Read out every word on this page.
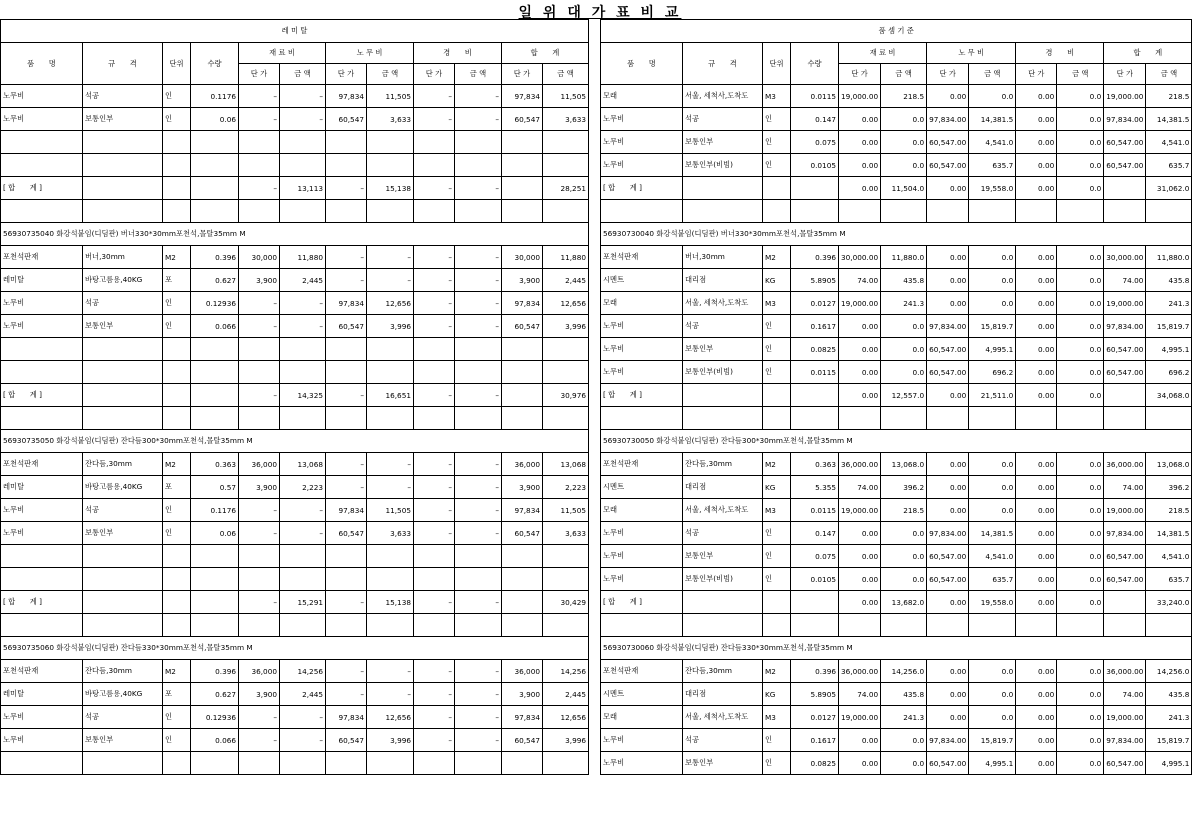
일 위 대 가 표 비 교
레 미 탈											
품　　명	규　　격	단위	수량	재 료 비		노 무 비		경　　비		합　　계	
				단 가	금 액	단 가	금 액	단 가	금 액	단 가	금 액
노무비	석공	인	0.1176	–	–	97,834	11,505	–	–	97,834	11,505
노무비	보통인부	인	0.06	–	–	60,547	3,633	–	–	60,547	3,633

[ 합　　계 ]				–	13,113	–	15,138	–	–		28,251

56930735040 화강석붙임(디딤판) 버너330*30mm포천석,몰탈35mm M											
포천석판재	버너,30mm	M2	0.396	30,000	11,880	–	–	–	–	30,000	11,880
레미탈	바탕고름용,40KG	포	0.627	3,900	2,445	–	–	–	–	3,900	2,445
노무비	석공	인	0.12936	–	–	97,834	12,656	–	–	97,834	12,656
노무비	보통인부	인	0.066	–	–	60,547	3,996	–	–	60,547	3,996

[ 합　　계 ]				–	14,325	–	16,651	–	–		30,976

56930735050 화강석붙임(디딤판) 잔다듬300*30mm포천석,몰탈35mm M											
포천석판재	잔다듬,30mm	M2	0.363	36,000	13,068	–	–	–	–	36,000	13,068
레미탈	바탕고름용,40KG	포	0.57	3,900	2,223	–	–	–	–	3,900	2,223
노무비	석공	인	0.1176	–	–	97,834	11,505	–	–	97,834	11,505
노무비	보통인부	인	0.06	–	–	60,547	3,633	–	–	60,547	3,633

[ 합　　계 ]				–	15,291	–	15,138	–	–		30,429

56930735060 화강석붙임(디딤판) 잔다듬330*30mm포천석,몰탈35mm M											
포천석판재	잔다듬,30mm	M2	0.396	36,000	14,256	–	–	–	–	36,000	14,256
레미탈	바탕고름용,40KG	포	0.627	3,900	2,445	–	–	–	–	3,900	2,445
노무비	석공	인	0.12936	–	–	97,834	12,656	–	–	97,834	12,656
노무비	보통인부	인	0.066	–	–	60,547	3,996	–	–	60,547	3,996

품 셈 기 준											
품　　명	규　　격	단위	수량	재 료 비		노 무 비		경　　비		합　　계	
				단 가	금 액	단 가	금 액	단 가	금 액	단 가	금 액
모래	서울, 세척사,도착도	M3	0.0115	19,000.00	218.5	0.00	0.0	0.00	0.0	19,000.00	218.5
노무비	석공	인	0.147	0.00	0.0	97,834.00	14,381.5	0.00	0.0	97,834.00	14,381.5
노무비	보통인부	인	0.075	0.00	0.0	60,547.00	4,541.0	0.00	0.0	60,547.00	4,541.0
노무비	보통인부(비빔)	인	0.0105	0.00	0.0	60,547.00	635.7	0.00	0.0	60,547.00	635.7
[ 합　　계 ]				0.00	11,504.0	0.00	19,558.0	0.00	0.0		31,062.0

56930730040 화강석붙임(디딤판) 버너330*30mm포천석,몰탈35mm M											
포천석판재	버너,30mm	M2	0.396	30,000.00	11,880.0	0.00	0.0	0.00	0.0	30,000.00	11,880.0
시멘트	대리점	KG	5.8905	74.00	435.8	0.00	0.0	0.00	0.0	74.00	435.8
모래	서울, 세척사,도착도	M3	0.0127	19,000.00	241.3	0.00	0.0	0.00	0.0	19,000.00	241.3
노무비	석공	인	0.1617	0.00	0.0	97,834.00	15,819.7	0.00	0.0	97,834.00	15,819.7
노무비	보통인부	인	0.0825	0.00	0.0	60,547.00	4,995.1	0.00	0.0	60,547.00	4,995.1
노무비	보통인부(비빔)	인	0.0115	0.00	0.0	60,547.00	696.2	0.00	0.0	60,547.00	696.2
[ 합　　계 ]				0.00	12,557.0	0.00	21,511.0	0.00	0.0		34,068.0

56930730050 화강석붙임(디딤판) 잔다듬300*30mm포천석,몰탈35mm M											
포천석판재	잔다듬,30mm	M2	0.363	36,000.00	13,068.0	0.00	0.0	0.00	0.0	36,000.00	13,068.0
시멘트	대리점	KG	5.355	74.00	396.2	0.00	0.0	0.00	0.0	74.00	396.2
모래	서울, 세척사,도착도	M3	0.0115	19,000.00	218.5	0.00	0.0	0.00	0.0	19,000.00	218.5
노무비	석공	인	0.147	0.00	0.0	97,834.00	14,381.5	0.00	0.0	97,834.00	14,381.5
노무비	보통인부	인	0.075	0.00	0.0	60,547.00	4,541.0	0.00	0.0	60,547.00	4,541.0
노무비	보통인부(비빔)	인	0.0105	0.00	0.0	60,547.00	635.7	0.00	0.0	60,547.00	635.7
[ 합　　계 ]				0.00	13,682.0	0.00	19,558.0	0.00	0.0		33,240.0

56930730060 화강석붙임(디딤판) 잔다듬330*30mm포천석,몰탈35mm M											
포천석판재	잔다듬,30mm	M2	0.396	36,000.00	14,256.0	0.00	0.0	0.00	0.0	36,000.00	14,256.0
시멘트	대리점	KG	5.8905	74.00	435.8	0.00	0.0	0.00	0.0	74.00	435.8
모래	서울, 세척사,도착도	M3	0.0127	19,000.00	241.3	0.00	0.0	0.00	0.0	19,000.00	241.3
노무비	석공	인	0.1617	0.00	0.0	97,834.00	15,819.7	0.00	0.0	97,834.00	15,819.7
노무비	보통인부	인	0.0825	0.00	0.0	60,547.00	4,995.1	0.00	0.0	60,547.00	4,995.1
